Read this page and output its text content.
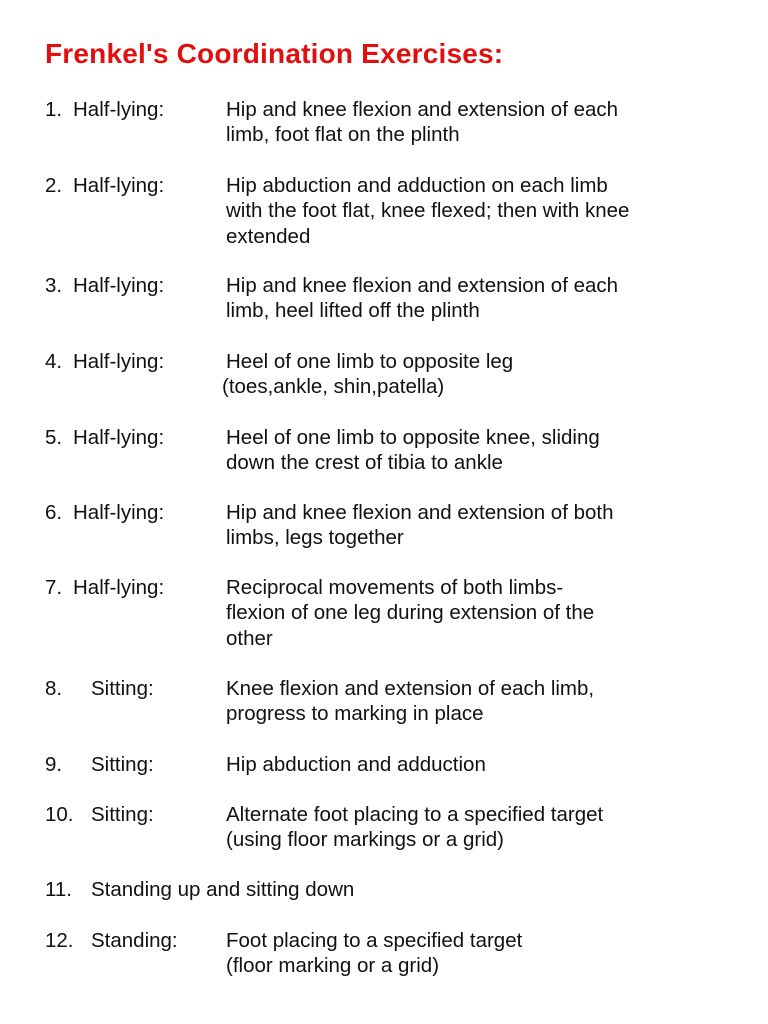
Frenkel's Coordination Exercises:
1. Half-lying:	Hip and knee flexion and extension of each
limb, foot flat on the plinth
2. Half-lying:	Hip abduction and adduction on each limb
with the foot flat, knee flexed; then with knee
extended
3. Half-lying:	Hip and knee flexion and extension of each
limb, heel lifted off the plinth
4. Half-lying:	Heel of one limb to opposite leg
(toes,ankle, shin,patella)
5. Half-lying:	Heel of one limb to opposite knee, sliding
down the crest of tibia to ankle
6. Half-lying:	Hip and knee flexion and extension of both
limbs, legs together
7. Half-lying:	Reciprocal movements of both limbs-
flexion of one leg during extension of the
other
8. Sitting:	Knee flexion and extension of each limb,
progress to marking in place
9. Sitting:	Hip abduction and adduction
10. Sitting:	Alternate foot placing to a specified target
(using floor markings or a grid)
11. Standing up and sitting down
12. Standing: Foot placing to a specified target
(floor marking or a grid)
